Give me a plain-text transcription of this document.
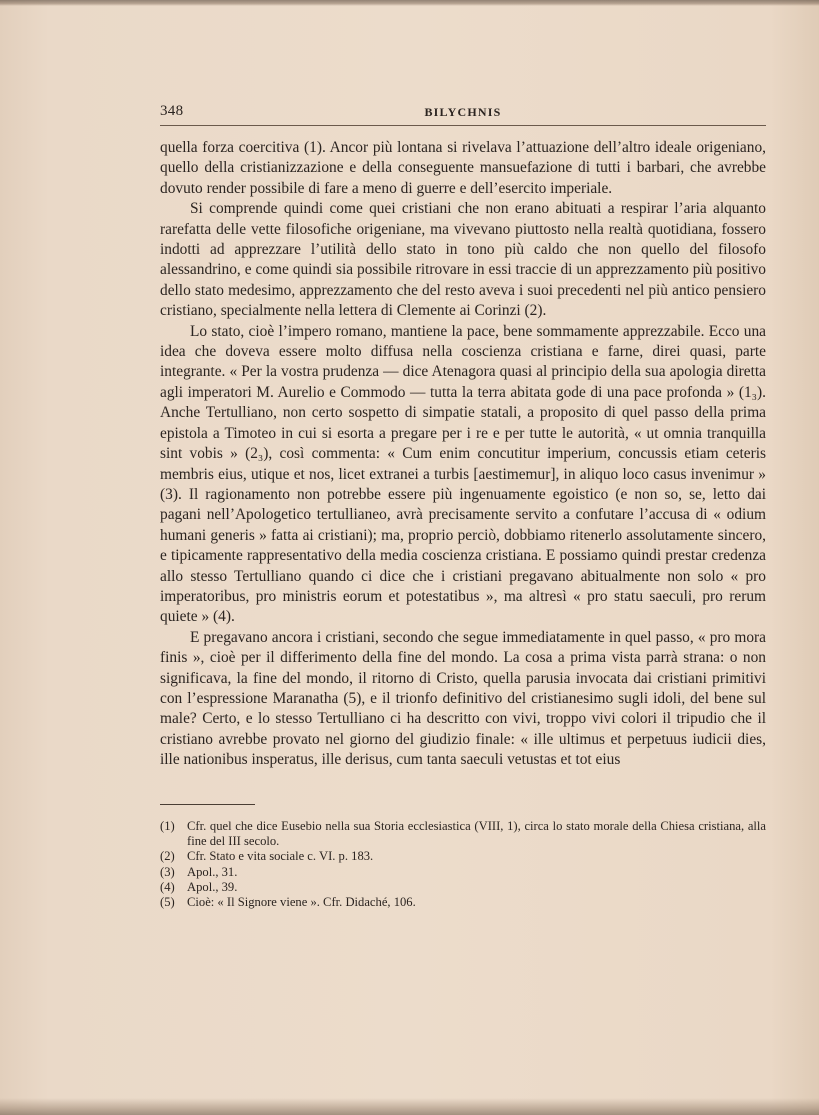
348	BILYCHNIS

quella forza coercitiva (1). Ancor più lontana si rivelava l’attuazione dell’altro ideale origeniano, quello della cristianizzazione e della conseguente mansuefazione di tutti i barbari, che avrebbe dovuto render possibile di fare a meno di guerre e dell’esercito imperiale.

Si comprende quindi come quei cristiani che non erano abituati a respirar l’aria alquanto rarefatta delle vette filosofiche origeniane, ma vivevano piuttosto nella realtà quotidiana, fossero indotti ad apprezzare l’utilità dello stato in tono più caldo che non quello del filosofo alessandrino, e come quindi sia possibile ritrovare in essi traccie di un apprezzamento più positivo dello stato medesimo, apprezzamento che del resto aveva i suoi precedenti nel più antico pensiero cristiano, specialmente nella lettera di Clemente ai Corinzi (2).

Lo stato, cioè l’impero romano, mantiene la pace, bene sommamente apprezzabile. Ecco una idea che doveva essere molto diffusa nella coscienza cristiana e farne, direi quasi, parte integrante. « Per la vostra prudenza — dice Atenagora quasi al principio della sua apologia diretta agli imperatori M. Aurelio e Commodo — tutta la terra abitata gode di una pace profonda » (1₃). Anche Tertulliano, non certo sospetto di simpatie statali, a proposito di quel passo della prima epistola a Timoteo in cui si esorta a pregare per i re e per tutte le autorità, « ut omnia tranquilla sint vobis » (2₃), così commenta: « Cum enim concutitur imperium, concussis etiam ceteris membris eius, utique et nos, licet extranei a turbis [aestimemur], in aliquo loco casus invenimur » (3). Il ragionamento non potrebbe essere più ingenuamente egoistico (e non so, se, letto dai pagani nell’Apologetico tertullianeo, avrà precisamente servito a confutare l’accusa di « odium humani generis » fatta ai cristiani); ma, proprio perciò, dobbiamo ritenerlo assolutamente sincero, e tipicamente rappresentativo della media coscienza cristiana. E possiamo quindi prestar credenza allo stesso Tertulliano quando ci dice che i cristiani pregavano abitualmente non solo « pro imperatoribus, pro ministris eorum et potestatibus », ma altresì « pro statu saeculi, pro rerum quiete » (4).

E pregavano ancora i cristiani, secondo che segue immediatamente in quel passo, « pro mora finis », cioè per il differimento della fine del mondo. La cosa a prima vista parrà strana: o non significava, la fine del mondo, il ritorno di Cristo, quella parusia invocata dai cristiani primitivi con l’espressione Maranatha (5), e il trionfo definitivo del cristianesimo sugli idoli, del bene sul male? Certo, e lo stesso Tertulliano ci ha descritto con vivi, troppo vivi colori il tripudio che il cristiano avrebbe provato nel giorno del giudizio finale: « ille ultimus et perpetuus iudicii dies, ille nationibus insperatus, ille derisus, cum tanta saeculi vetustas et tot eius

(1) Cfr. quel che dice Eusebio nella sua Storia ecclesiastica (VIII, 1), circa lo stato morale della Chiesa cristiana, alla fine del III secolo.
(2) Cfr. Stato e vita sociale c. VI. p. 183.
(3) Apol., 31.
(4) Apol., 39.
(5) Cioè: « Il Signore viene ». Cfr. Didaché, 106.
